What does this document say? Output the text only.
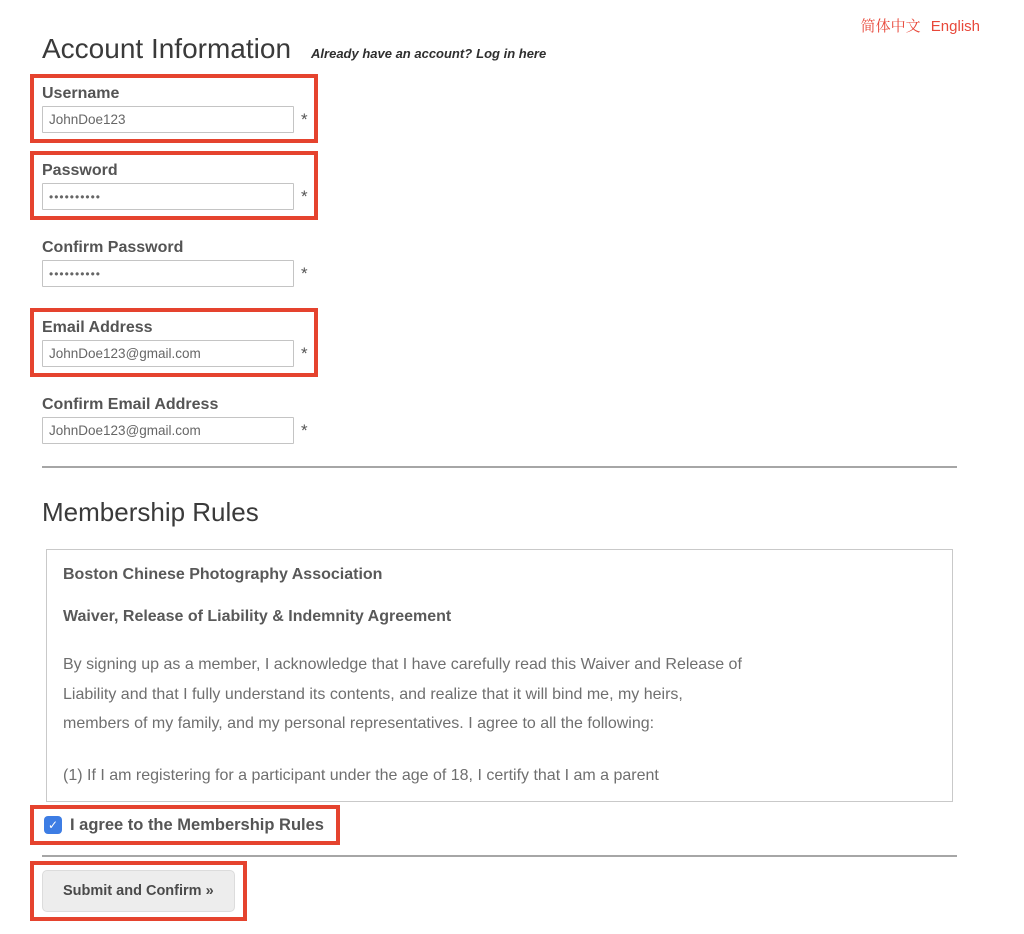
简体中文 English
Account Information Already have an account? Log in here
Username
JohnDoe123
*
Password
••••••••••
*
Confirm Password
••••••••••
*
Email Address
JohnDoe123@gmail.com
*
Confirm Email Address
JohnDoe123@gmail.com
*
Membership Rules

Boston Chinese Photography Association

Waiver, Release of Liability & Indemnity Agreement

By signing up as a member, I acknowledge that I have carefully read this Waiver and Release of Liability and that I fully understand its contents, and realize that it will bind me, my heirs, members of my family, and my personal representatives. I agree to all the following:

(1) If I am registering for a participant under the age of 18, I certify that I am a parent

✓ I agree to the Membership Rules
Submit and Confirm »
